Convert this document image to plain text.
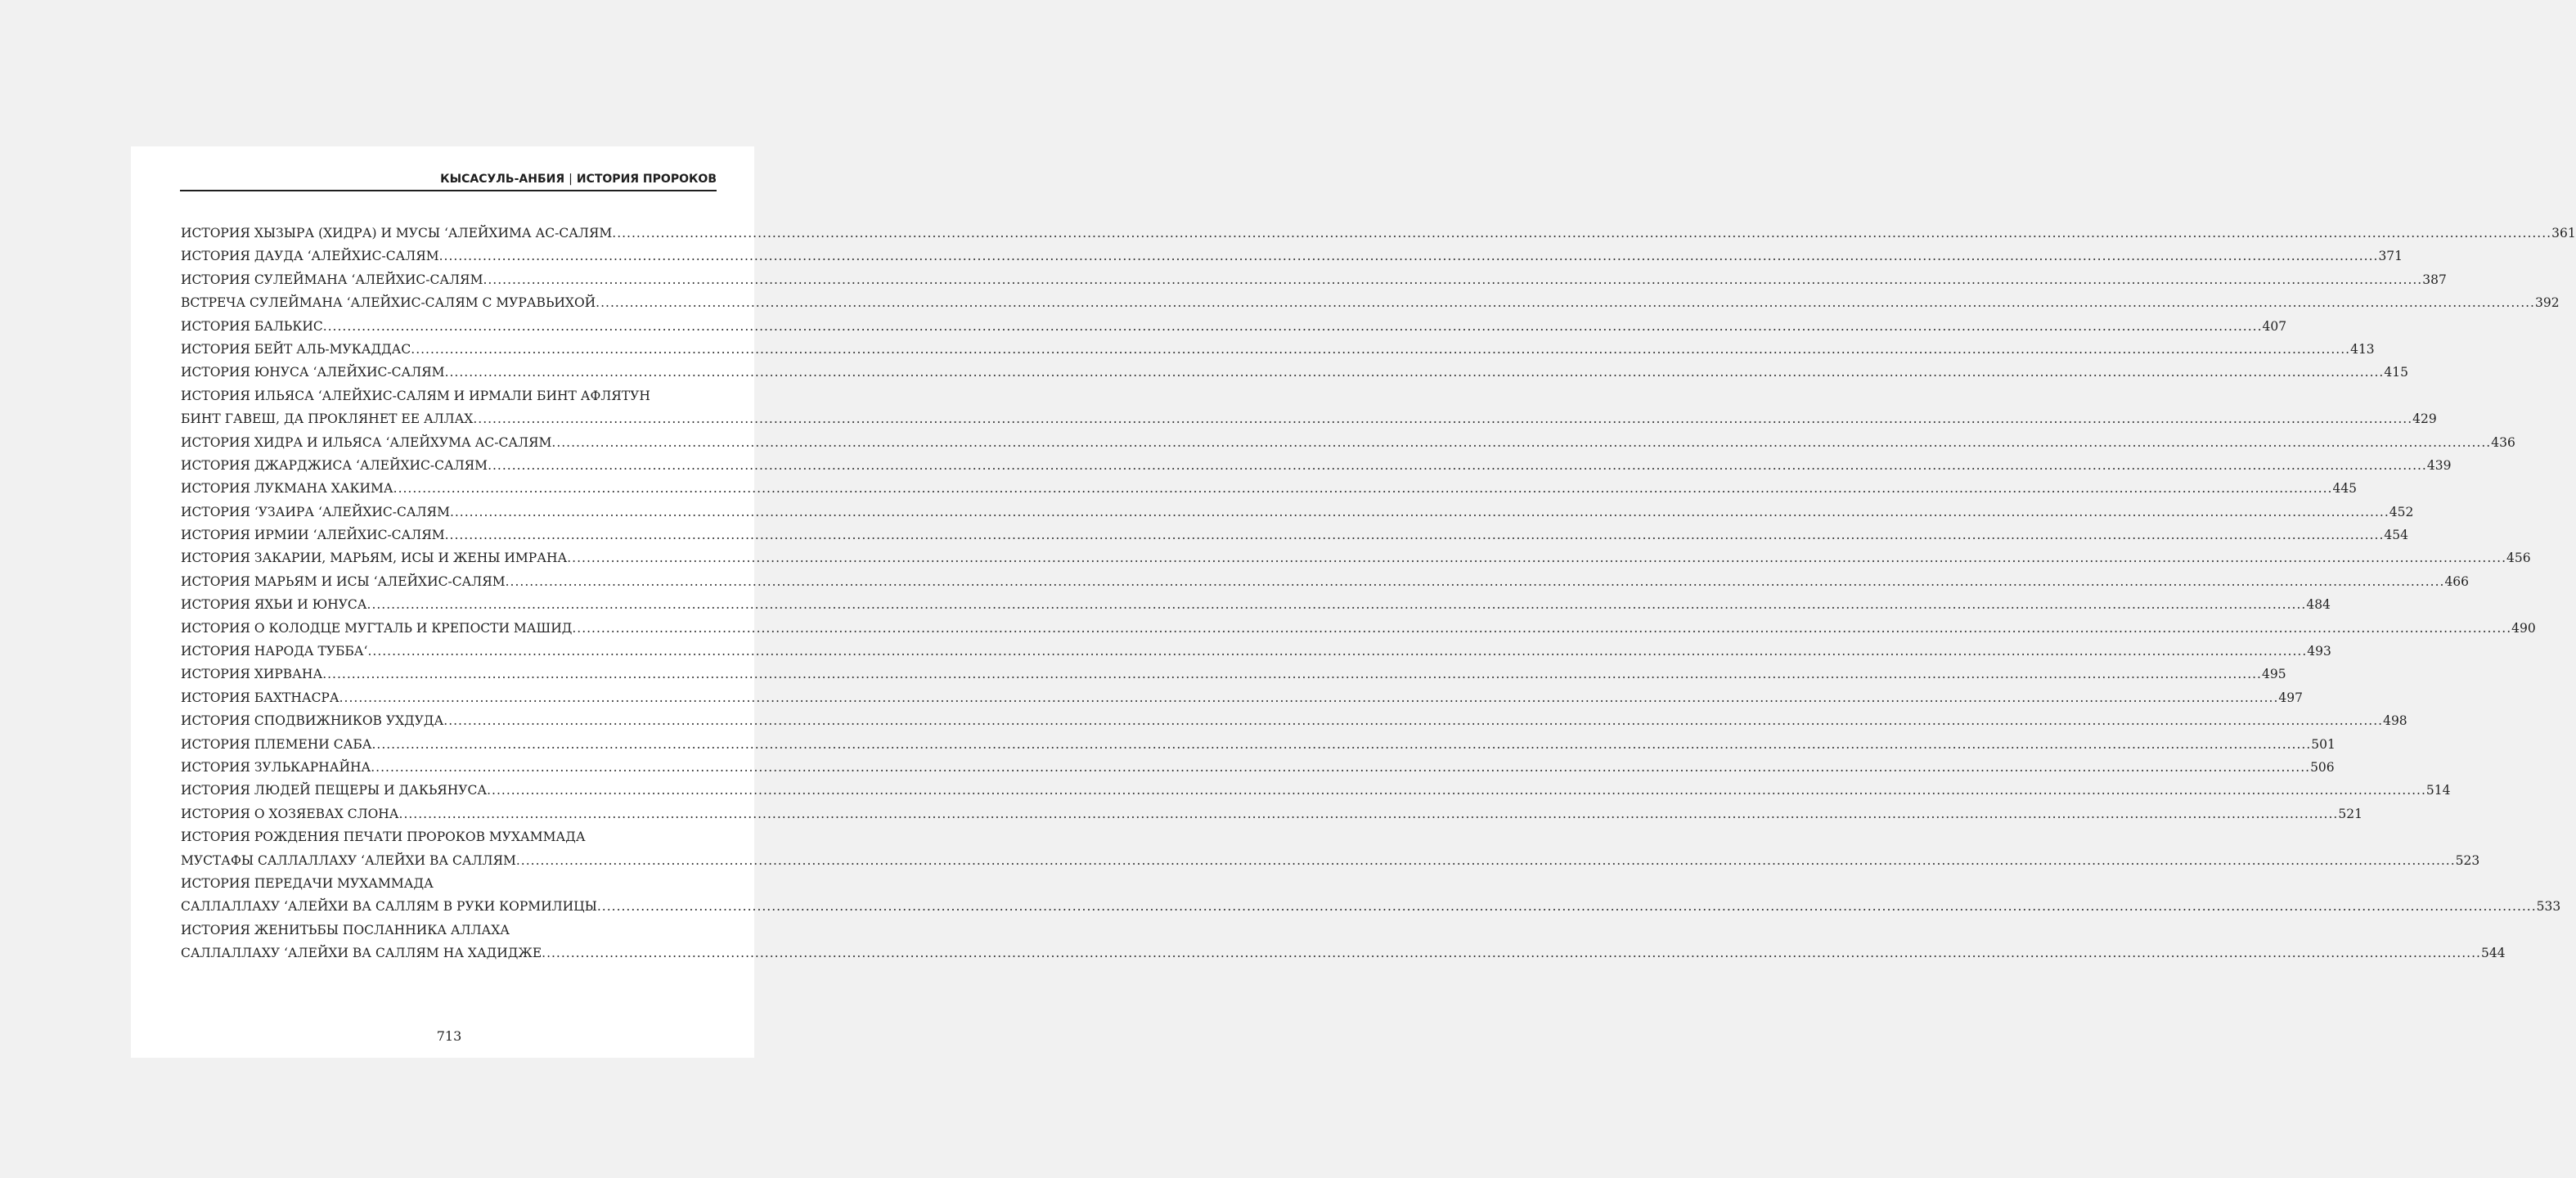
КЫСАСУЛЬ-АНБИЯ | ИСТОРИЯ ПРОРОКОВ
ИСТОРИЯ ХЫЗЫРА (ХИДРА) И МУСЫ ‘АЛЕЙХИМА АС-САЛЯМ ................................................................................................................................................................................................................................................................................................................................................................................................................ 361
ИСТОРИЯ ДАУДА ‘АЛЕЙХИС-САЛЯМ ................................................................................................................................................................................................................................................................................................................................................................................................................ 371
ИСТОРИЯ СУЛЕЙМАНА ‘АЛЕЙХИС-САЛЯМ ................................................................................................................................................................................................................................................................................................................................................................................................................ 387
ВСТРЕЧА СУЛЕЙМАНА ‘АЛЕЙХИС-САЛЯМ С МУРАВЬИХОЙ ................................................................................................................................................................................................................................................................................................................................................................................................................ 392
ИСТОРИЯ БАЛЬКИС ................................................................................................................................................................................................................................................................................................................................................................................................................ 407
ИСТОРИЯ БЕЙТ АЛЬ-МУКАДДАС ................................................................................................................................................................................................................................................................................................................................................................................................................ 413
ИСТОРИЯ ЮНУСА ‘АЛЕЙХИС-САЛЯМ ................................................................................................................................................................................................................................................................................................................................................................................................................ 415
ИСТОРИЯ ИЛЬЯСА ‘АЛЕЙХИС-САЛЯМ И ИРМАЛИ БИНТ АФЛЯТУН
БИНТ ГАВЕШ, ДА ПРОКЛЯНЕТ ЕЕ АЛЛАХ ................................................................................................................................................................................................................................................................................................................................................................................................................ 429
ИСТОРИЯ ХИДРА И ИЛЬЯСА ‘АЛЕЙХУМА АС-САЛЯМ ................................................................................................................................................................................................................................................................................................................................................................................................................ 436
ИСТОРИЯ ДЖАРДЖИСА ‘АЛЕЙХИС-САЛЯМ ................................................................................................................................................................................................................................................................................................................................................................................................................ 439
ИСТОРИЯ ЛУКМАНА ХАКИМА ................................................................................................................................................................................................................................................................................................................................................................................................................ 445
ИСТОРИЯ ‘УЗАИРА ‘АЛЕЙХИС-САЛЯМ ................................................................................................................................................................................................................................................................................................................................................................................................................ 452
ИСТОРИЯ ИРМИИ ‘АЛЕЙХИС-САЛЯМ ................................................................................................................................................................................................................................................................................................................................................................................................................ 454
ИСТОРИЯ ЗАКАРИИ, МАРЬЯМ, ИСЫ И ЖЕНЫ ИМРАНА ................................................................................................................................................................................................................................................................................................................................................................................................................ 456
ИСТОРИЯ МАРЬЯМ И ИСЫ ‘АЛЕЙХИС-САЛЯМ ................................................................................................................................................................................................................................................................................................................................................................................................................ 466
ИСТОРИЯ ЯХЬИ И ЮНУСА ................................................................................................................................................................................................................................................................................................................................................................................................................ 484
ИСТОРИЯ О КОЛОДЦЕ МУГТАЛЬ И КРЕПОСТИ МАШИД ................................................................................................................................................................................................................................................................................................................................................................................................................ 490
ИСТОРИЯ НАРОДА ТУББА‘ ................................................................................................................................................................................................................................................................................................................................................................................................................ 493
ИСТОРИЯ ХИРВАНА ................................................................................................................................................................................................................................................................................................................................................................................................................ 495
ИСТОРИЯ БАХТНАСРА ................................................................................................................................................................................................................................................................................................................................................................................................................ 497
ИСТОРИЯ СПОДВИЖНИКОВ УХДУДА ................................................................................................................................................................................................................................................................................................................................................................................................................ 498
ИСТОРИЯ ПЛЕМЕНИ САБА ................................................................................................................................................................................................................................................................................................................................................................................................................ 501
ИСТОРИЯ ЗУЛЬКАРНАЙНА ................................................................................................................................................................................................................................................................................................................................................................................................................ 506
ИСТОРИЯ ЛЮДЕЙ ПЕЩЕРЫ И ДАКЬЯНУСА ................................................................................................................................................................................................................................................................................................................................................................................................................ 514
ИСТОРИЯ О ХОЗЯЕВАХ СЛОНА ................................................................................................................................................................................................................................................................................................................................................................................................................ 521
ИСТОРИЯ РОЖДЕНИЯ ПЕЧАТИ ПРОРОКОВ МУХАММАДА
МУСТАФЫ САЛЛАЛЛАХУ ‘АЛЕЙХИ ВА САЛЛЯМ ................................................................................................................................................................................................................................................................................................................................................................................................................ 523
ИСТОРИЯ ПЕРЕДАЧИ МУХАММАДА
САЛЛАЛЛАХУ ‘АЛЕЙХИ ВА САЛЛЯМ В РУКИ КОРМИЛИЦЫ ................................................................................................................................................................................................................................................................................................................................................................................................................ 533
ИСТОРИЯ ЖЕНИТЬБЫ ПОСЛАННИКА АЛЛАХА
САЛЛАЛЛАХУ ‘АЛЕЙХИ ВА САЛЛЯМ НА ХАДИДЖЕ ................................................................................................................................................................................................................................................................................................................................................................................................................ 544
713
